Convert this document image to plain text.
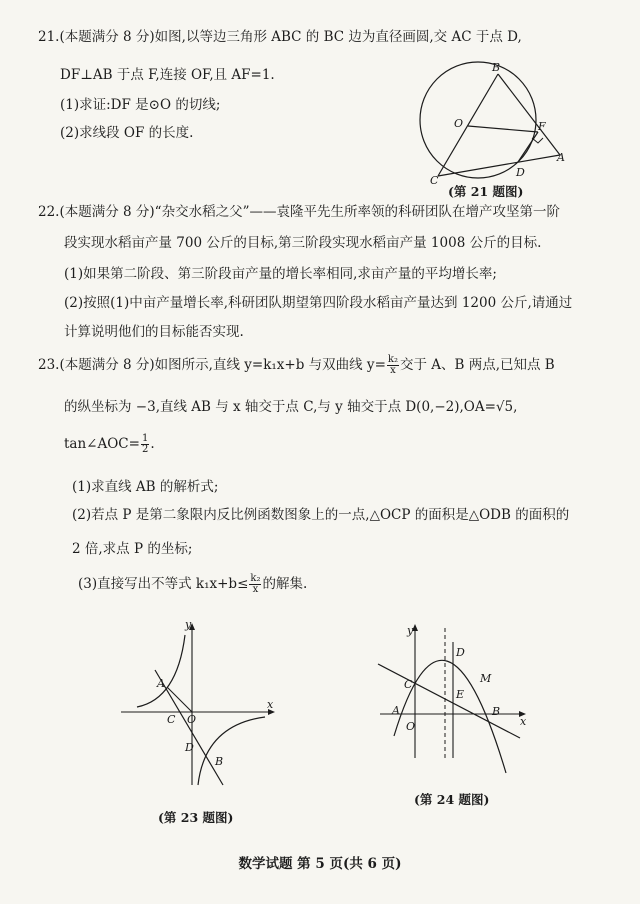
21.(本题满分 8 分)如图,以等边三角形 ABC 的 BC 边为直径画圆,交 AC 于点 D,
DF⊥AB 于点 F,连接 OF,且 AF=1.
(1)求证:DF 是⊙O 的切线;
(2)求线段 OF 的长度.
B
O	F
A
C
D
(第 21 题图)
22.(本题满分 8 分)“杂交水稻之父”——袁隆平先生所率领的科研团队在增产攻坚第一阶
段实现水稻亩产量 700 公斤的目标,第三阶段实现水稻亩产量 1008 公斤的目标.
(1)如果第二阶段、第三阶段亩产量的增长率相同,求亩产量的平均增长率;
(2)按照(1)中亩产量增长率,科研团队期望第四阶段水稻亩产量达到 1200 公斤,请通过
计算说明他们的目标能否实现.
23.(本题满分 8 分)如图所示,直线 y=k₁x+b 与双曲线 $y= \frac{\text{k₂}}{x}$ 交于 A、B 两点,已知点 B
的纵坐标为 −3,直线 AB 与 x 轴交于点 C,与 y 轴交于点 D(0,−2),OA=√5,
tan∠AOC= $\frac{1}{2}$ .
(1)求直线 AB 的解析式;
(2)若点 P 是第二象限内反比例函数图象上的一点,△OCP 的面积是△ODB 的面积的
2 倍,求点 P 的坐标;
(3)直接写出不等式 $k_1x+b\le \frac{\text{k₂}}{x}$ 的解集.
y
x
A
C O
D
B
(第 23 题图)
y
x
D
M
C
E
A
O
B
(第 24 题图)
数学试题 第 5 页(共 6 页)
